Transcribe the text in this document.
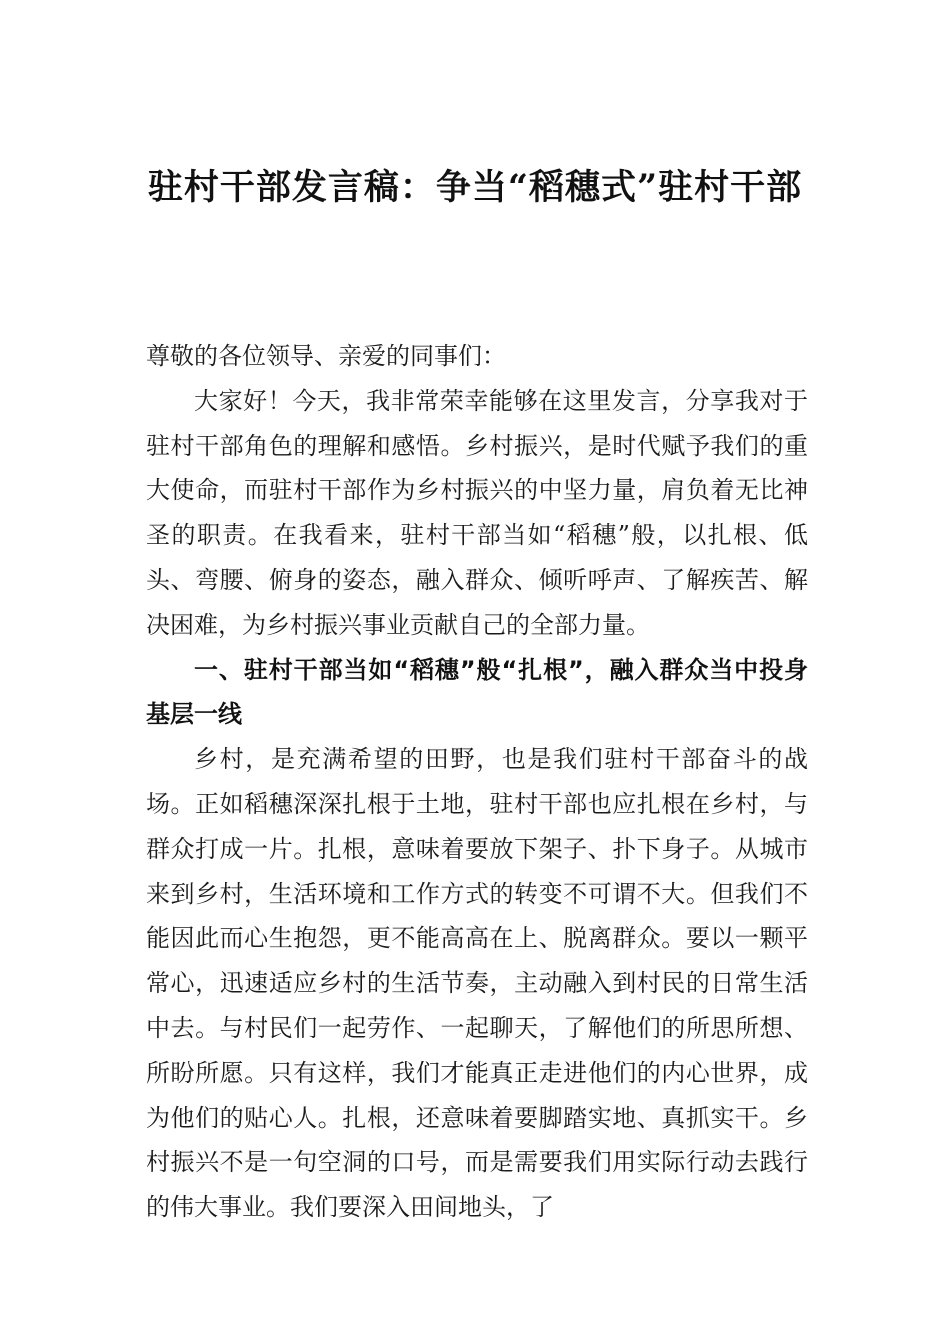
驻村干部发言稿：争当“稻穗式”驻村干部

尊敬的各位领导、亲爱的同事们：

大家好！今天，我非常荣幸能够在这里发言，分享我对于驻村干部角色的理解和感悟。乡村振兴，是时代赋予我们的重大使命，而驻村干部作为乡村振兴的中坚力量，肩负着无比神圣的职责。在我看来，驻村干部当如“稻穗”般，以扎根、低头、弯腰、俯身的姿态，融入群众、倾听呼声、了解疾苦、解决困难，为乡村振兴事业贡献自己的全部力量。

一、驻村干部当如“稻穗”般“扎根”，融入群众当中投身基层一线

乡村，是充满希望的田野，也是我们驻村干部奋斗的战场。正如稻穗深深扎根于土地，驻村干部也应扎根在乡村，与群众打成一片。扎根，意味着要放下架子、扑下身子。从城市来到乡村，生活环境和工作方式的转变不可谓不大。但我们不能因此而心生抱怨，更不能高高在上、脱离群众。要以一颗平常心，迅速适应乡村的生活节奏，主动融入到村民的日常生活中去。与村民们一起劳作、一起聊天，了解他们的所思所想、所盼所愿。只有这样，我们才能真正走进他们的内心世界，成为他们的贴心人。扎根，还意味着要脚踏实地、真抓实干。乡村振兴不是一句空洞的口号，而是需要我们用实际行动去践行的伟大事业。我们要深入田间地头，了
